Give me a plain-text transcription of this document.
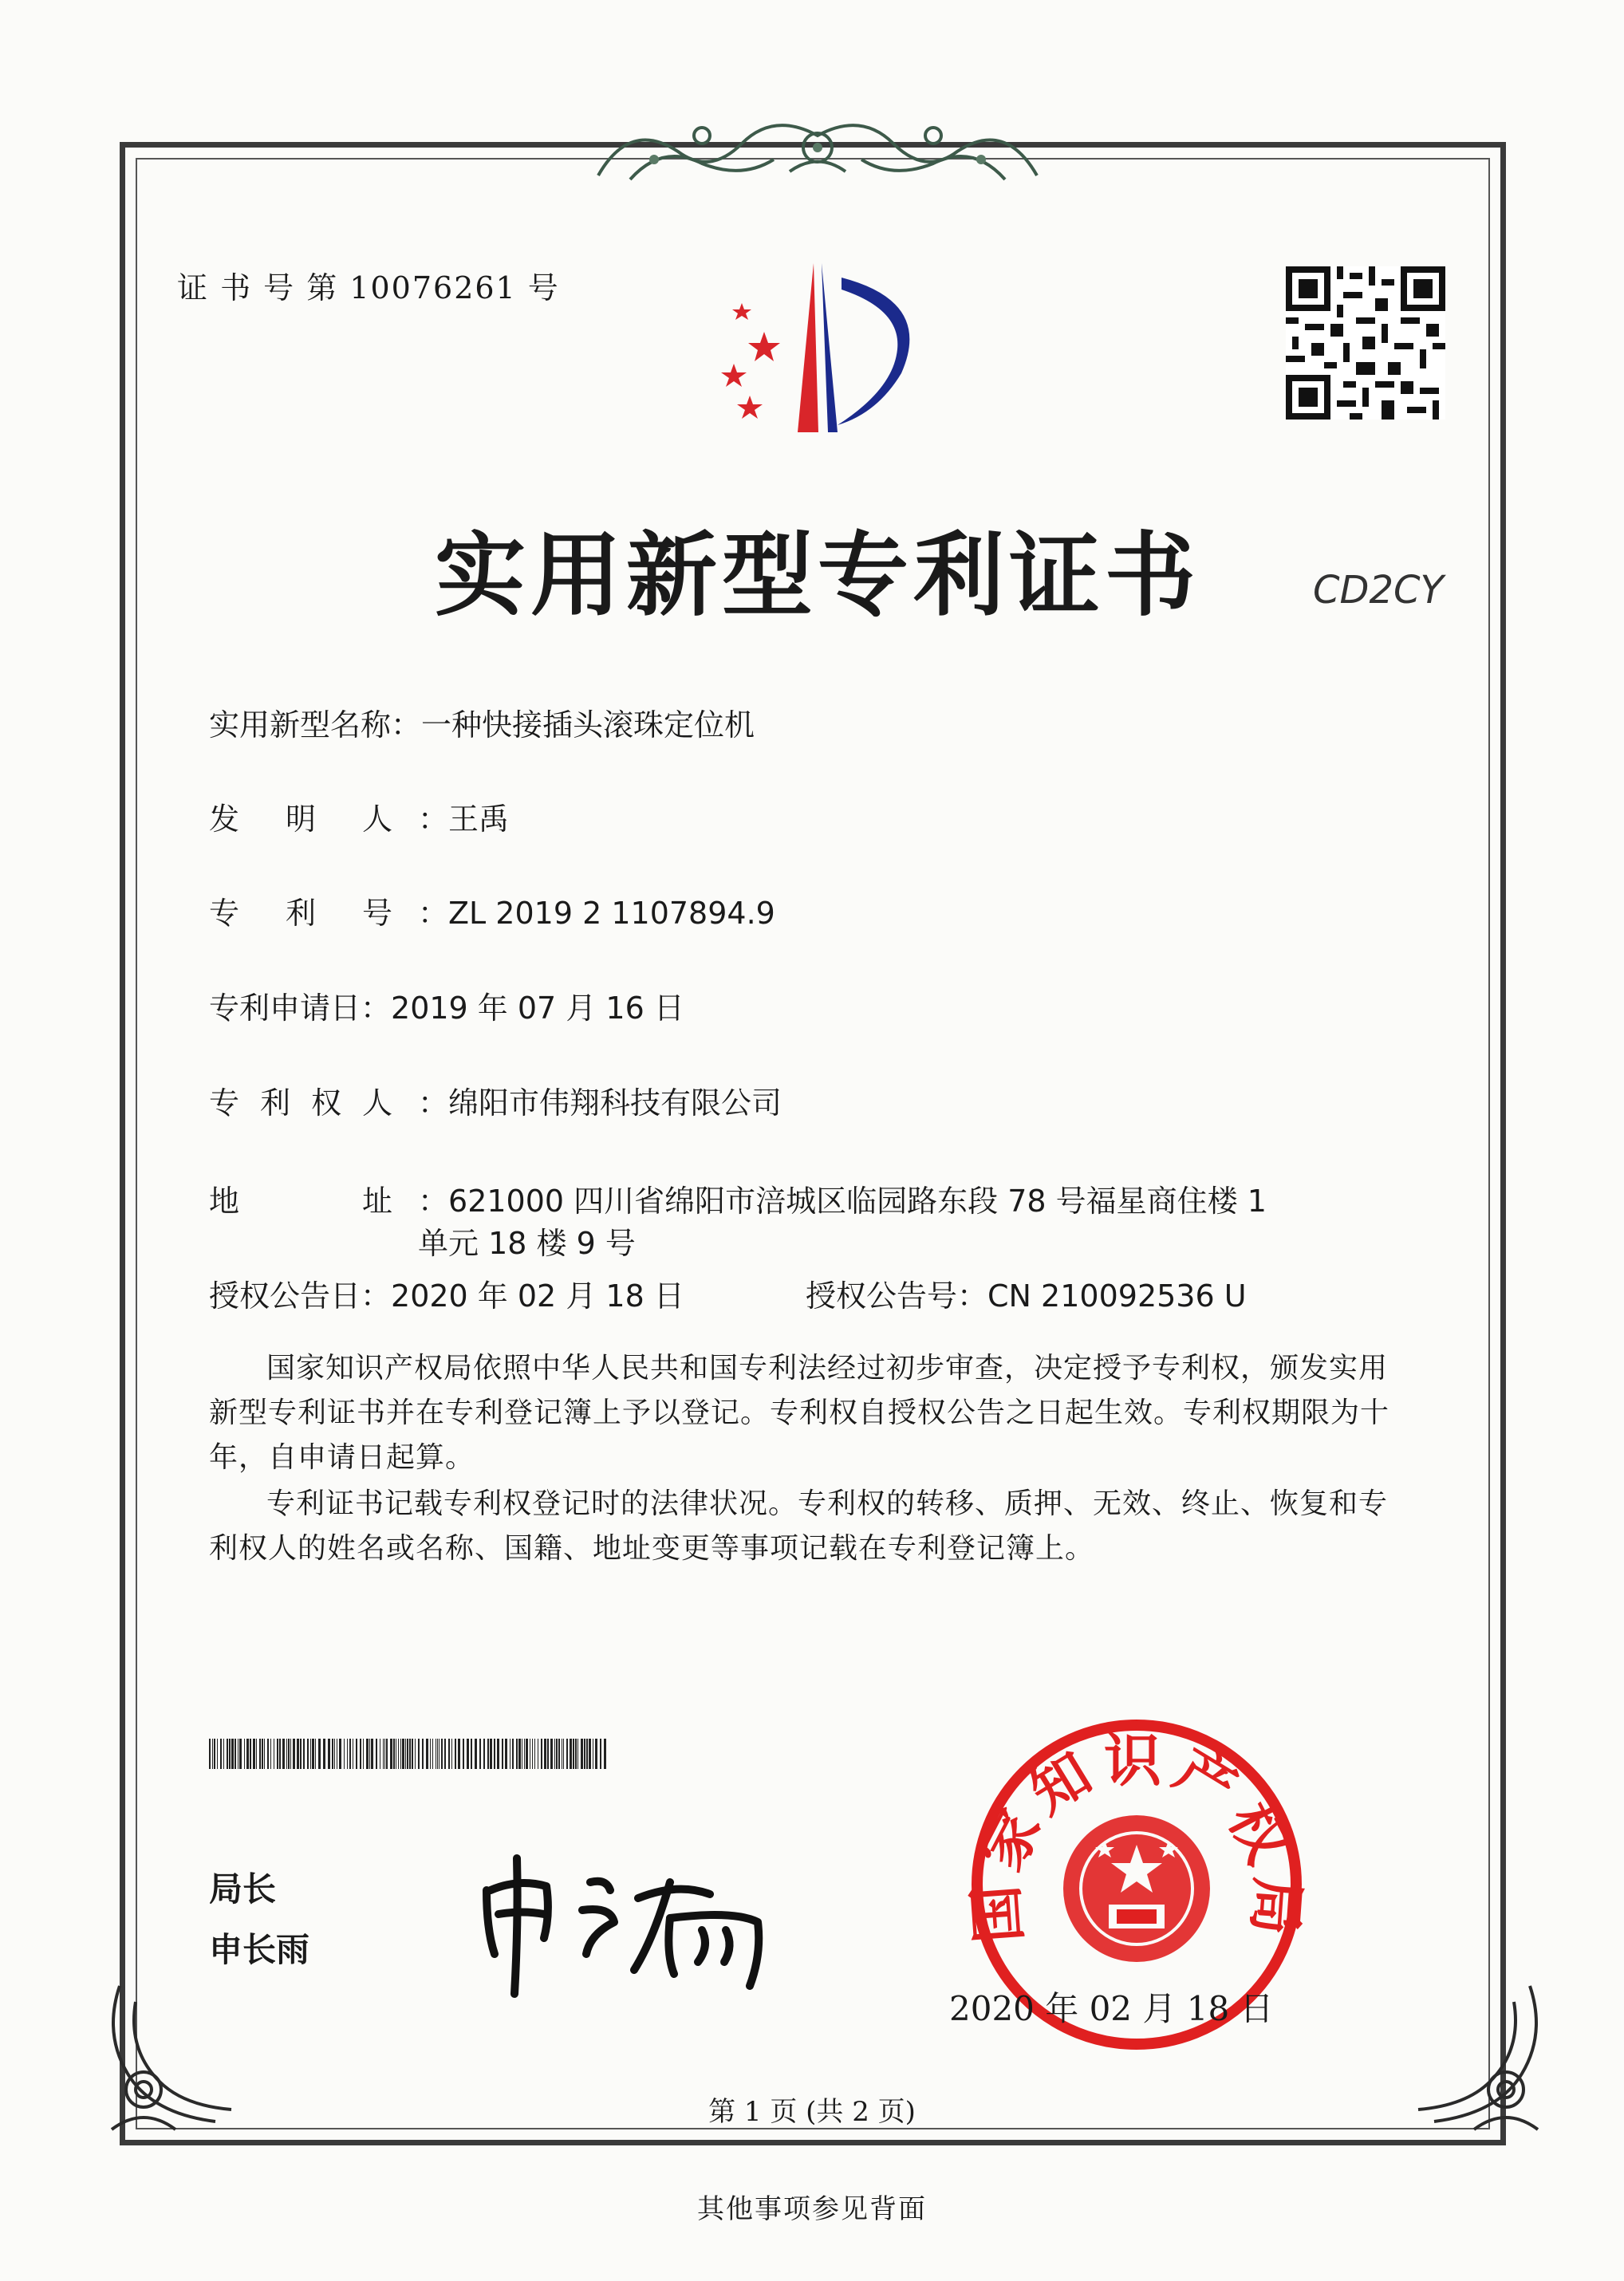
证 书 号 第 10076261 号
实用新型专利证书	CD2CY
实用新型名称：一种快接插头滚珠定位机
发 明 人 ：王禹
专 利 号 ：ZL 2019 2 1107894.9
专利申请日：2019 年 07 月 16 日
专 利 权 人 ：绵阳市伟翔科技有限公司
地	址 ：621000 四川省绵阳市涪城区临园路东段 78 号福星商住楼 1
单元 18 楼 9 号
授权公告日：2020 年 02 月 18 日	授权公告号：CN 210092536 U
国家知识产权局依照中华人民共和国专利法经过初步审查，决定授予专利权，颁发实用新型专利证书并在专利登记簿上予以登记。专利权自授权公告之日起生效。专利权期限为十年，自申请日起算。
专利证书记载专利权登记时的法律状况。专利权的转移、质押、无效、终止、恢复和专利权人的姓名或名称、国籍、地址变更等事项记载在专利登记簿上。
局长
申长雨
国家知识产权局
2020 年 02 月 18 日
第 1 页 (共 2 页)
其他事项参见背面
